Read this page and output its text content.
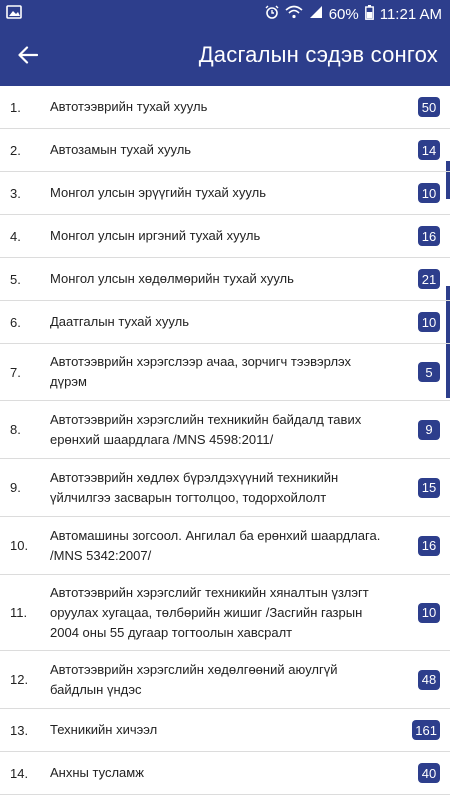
60% 11:21 AM
Дасгалын сэдэв сонгох
1.	Автотээврийн тухай хууль	50
2.	Автозамын тухай хууль	14
3.	Монгол улсын эрүүгийн тухай хууль	10
4.	Монгол улсын иргэний тухай хууль	16
5.	Монгол улсын хөдөлмөрийн тухай хууль	21
6.	Даатгалын тухай хууль	10
7.
Автотээврийн хэрэгслээр ачаа, зорчигч тээвэрлэх дүрэм
5
8.
Автотээврийн хэрэгслийн техникийн байдалд тавих ерөнхий шаардлага /MNS 4598:2011/
9
9.
Автотээврийн хөдлөх бүрэлдэхүүний техникийн үйлчилгээ засварын тогтолцоо, тодорхойлолт
15
10.
Автомашины зогсоол. Ангилал ба ерөнхий шаардлага. /MNS 5342:2007/
16
11.
Автотээврийн хэрэгслийг техникийн хяналтын үзлэгт оруулах хугацаа, төлбөрийн жишиг /Засгийн газрын 2004 оны 55 дугаар тогтоолын хавсралт
10
12.
Автотээврийн хэрэгслийн хөдөлгөөний аюулгүй байдлын үндэс
48
13.	Техникийн хичээл	161
14.	Анхны тусламж	40
